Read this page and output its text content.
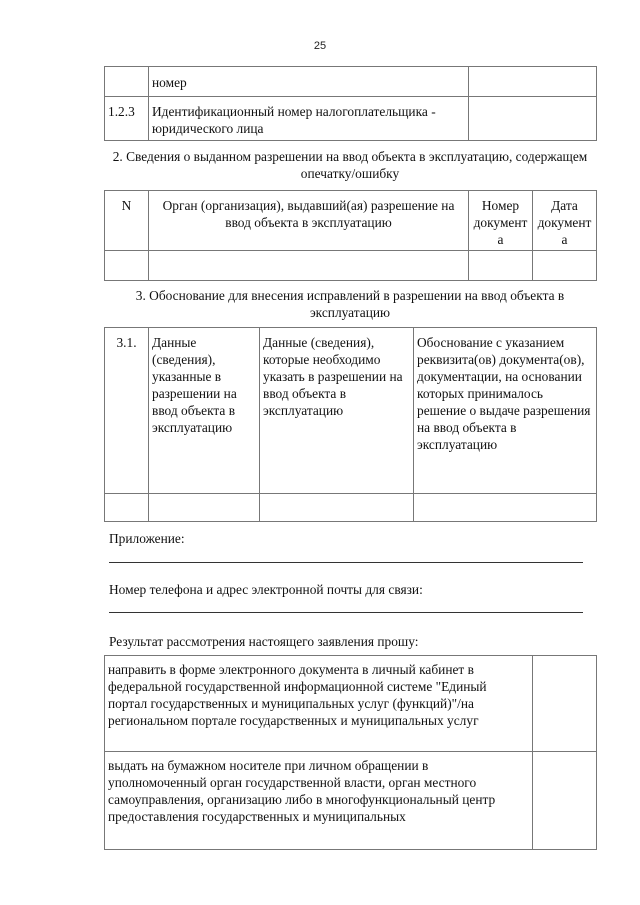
25
	номер	
1.2.3	Идентификационный номер налогоплательщика - юридического лица	
2. Сведения о выданном разрешении на ввод объекта в эксплуатацию, содержащем опечатку/ошибку
N	Орган (организация), выдавший(ая) разрешение на ввод объекта в эксплуатацию	Номер документа	Дата документа

3. Обоснование для внесения исправлений в разрешении на ввод объекта в эксплуатацию
3.1.	Данные (сведения), указанные в разрешении на ввод объекта в эксплуатацию	Данные (сведения), которые необходимо указать в разрешении на ввод объекта в эксплуатацию	Обоснование с указанием реквизита(ов) документа(ов), документации, на основании которых принималось решение о выдаче разрешения на ввод объекта в эксплуатацию

Приложение:

Номер телефона и адрес электронной почты для связи:

Результат рассмотрения настоящего заявления прошу:

направить в форме электронного документа в личный кабинет в федеральной государственной информационной системе "Единый портал государственных и муниципальных услуг (функций)"/на региональном портале государственных и муниципальных услуг	
выдать на бумажном носителе при личном обращении в уполномоченный орган государственной власти, орган местного самоуправления, организацию либо в многофункциональный центр предоставления государственных и муниципальных	
